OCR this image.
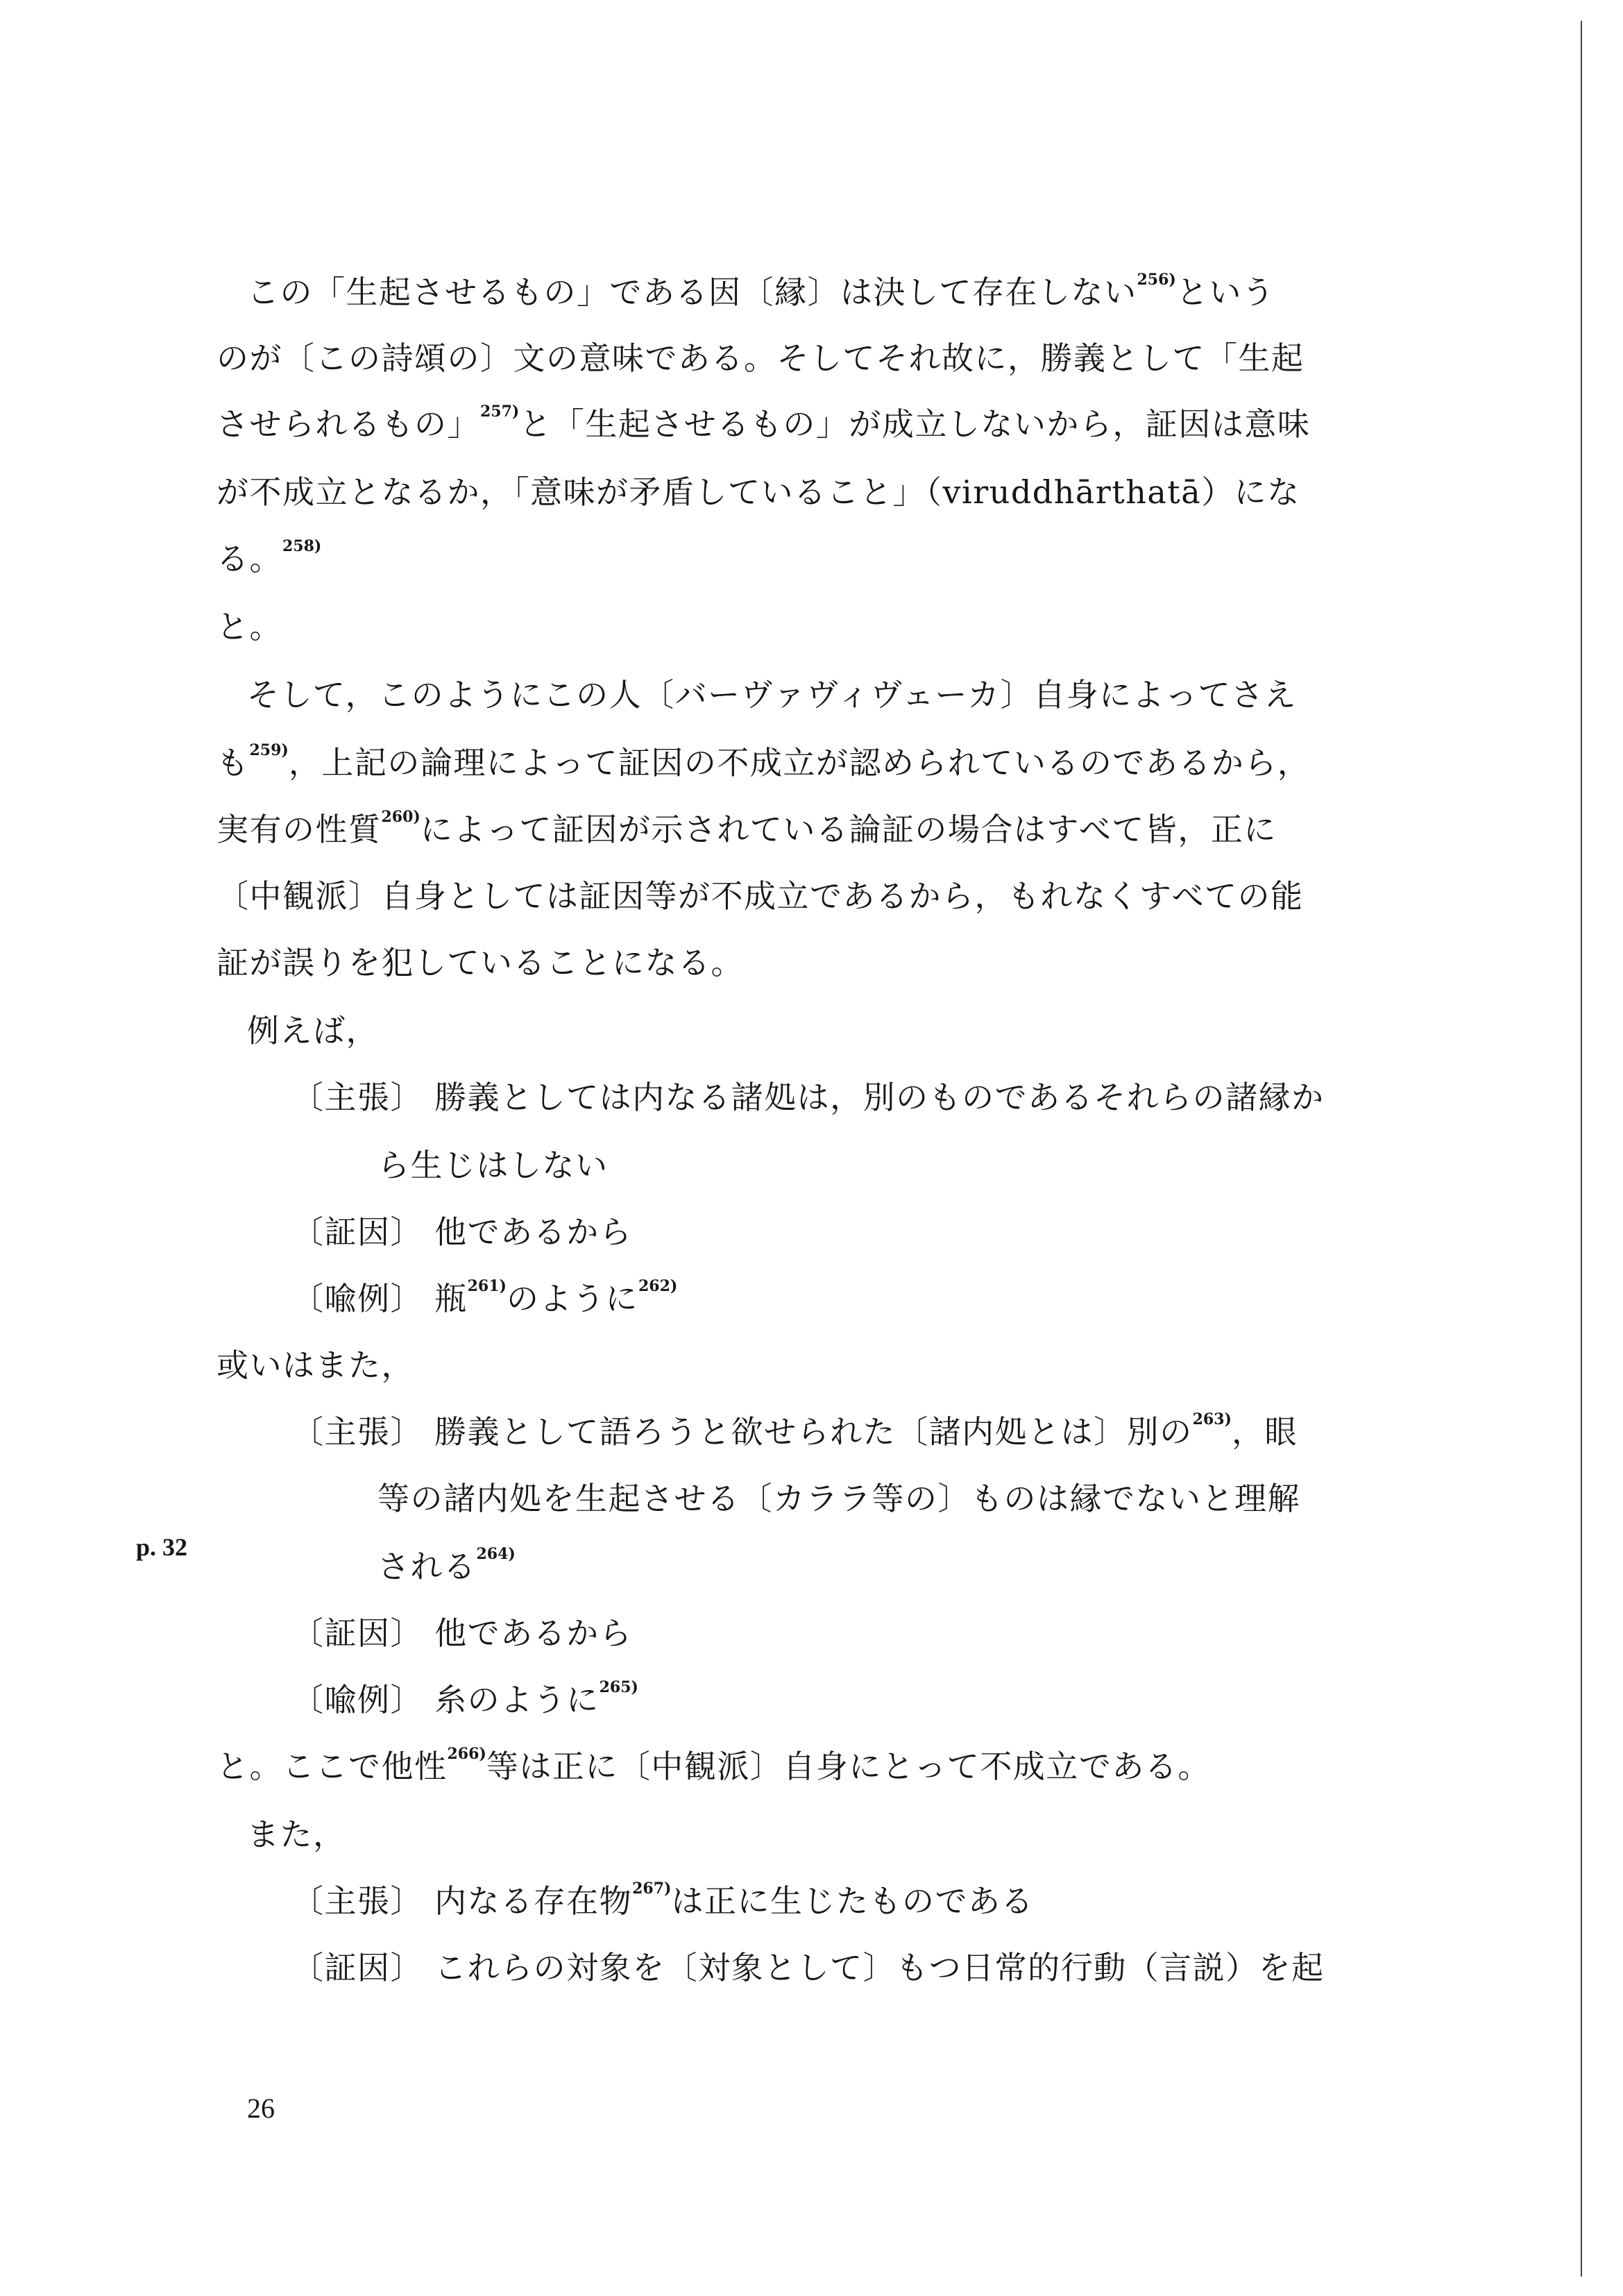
この「生起させるもの」である因〔縁〕は決して存在しない$^{256)}$という
のが〔この詩頌の〕文の意味である。そしてそれ故に，勝義として「生起
させられるもの」$^{257)}$と「生起させるもの」が成立しないから，証因は意味
が不成立となるか，「意味が矛盾していること」（viruddhārthatā）にな
る。$^{258)}$
と。
そして，このようにこの人〔バーヴァヴィヴェーカ〕自身によってさえ
も$^{259)}$，上記の論理によって証因の不成立が認められているのであるから，
実有の性質$^{260)}$によって証因が示されている論証の場合はすべて皆，正に
〔中観派〕自身としては証因等が不成立であるから，もれなくすべての能
証が誤りを犯していることになる。
例えば，
〔主張〕 勝義としては内なる諸処は，別のものであるそれらの諸縁か
ら生じはしない
〔証因〕 他であるから
〔喩例〕 瓶$^{261)}$のように$^{262)}$
或いはまた，
〔主張〕 勝義として語ろうと欲せられた〔諸内処とは〕別の$^{263)}$，眼
等の諸内処を生起させる〔カララ等の〕ものは縁でないと理解
される$^{264)}$
〔証因〕 他であるから
〔喩例〕 糸のように$^{265)}$
と。ここで他性$^{266)}$等は正に〔中観派〕自身にとって不成立である。
また，
〔主張〕 内なる存在物$^{267)}$は正に生じたものである
〔証因〕 これらの対象を〔対象として〕もつ日常的行動（言説）を起
p. 32
26
